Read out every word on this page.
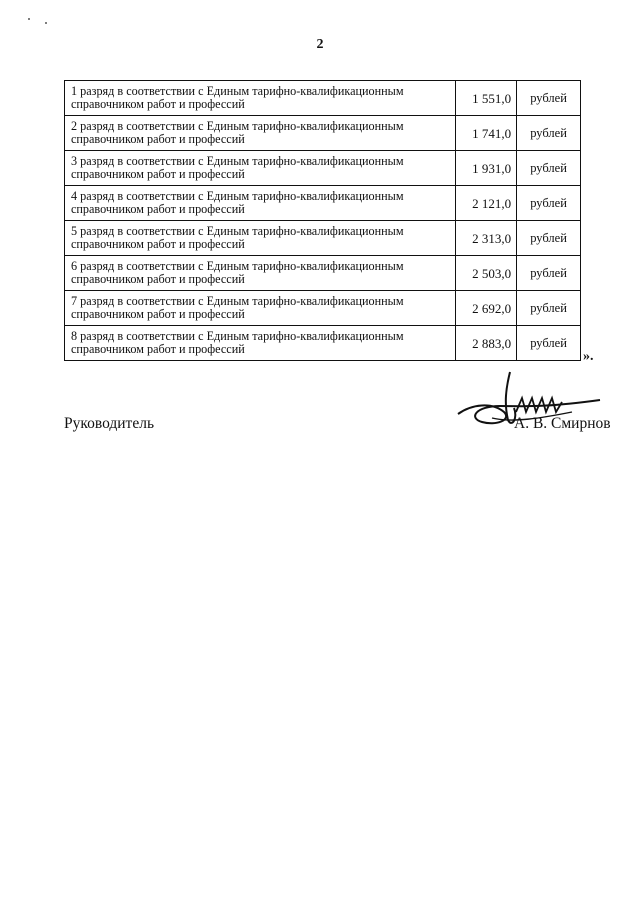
2
1 разряд в соответствии с Единым тарифно-квалификационным справочником работ и профессий	1 551,0	рублей
2 разряд в соответствии с Единым тарифно-квалификационным справочником работ и профессий	1 741,0	рублей
3 разряд в соответствии с Единым тарифно-квалификационным справочником работ и профессий	1 931,0	рублей
4 разряд в соответствии с Единым тарифно-квалификационным справочником работ и профессий	2 121,0	рублей
5 разряд в соответствии с Единым тарифно-квалификационным справочником работ и профессий	2 313,0	рублей
6 разряд в соответствии с Единым тарифно-квалификационным справочником работ и профессий	2 503,0	рублей
7 разряд в соответствии с Единым тарифно-квалификационным справочником работ и профессий	2 692,0	рублей
8 разряд в соответствии с Единым тарифно-квалификационным справочником работ и профессий	2 883,0	рублей
».
Руководитель	А. В. Смирнов
